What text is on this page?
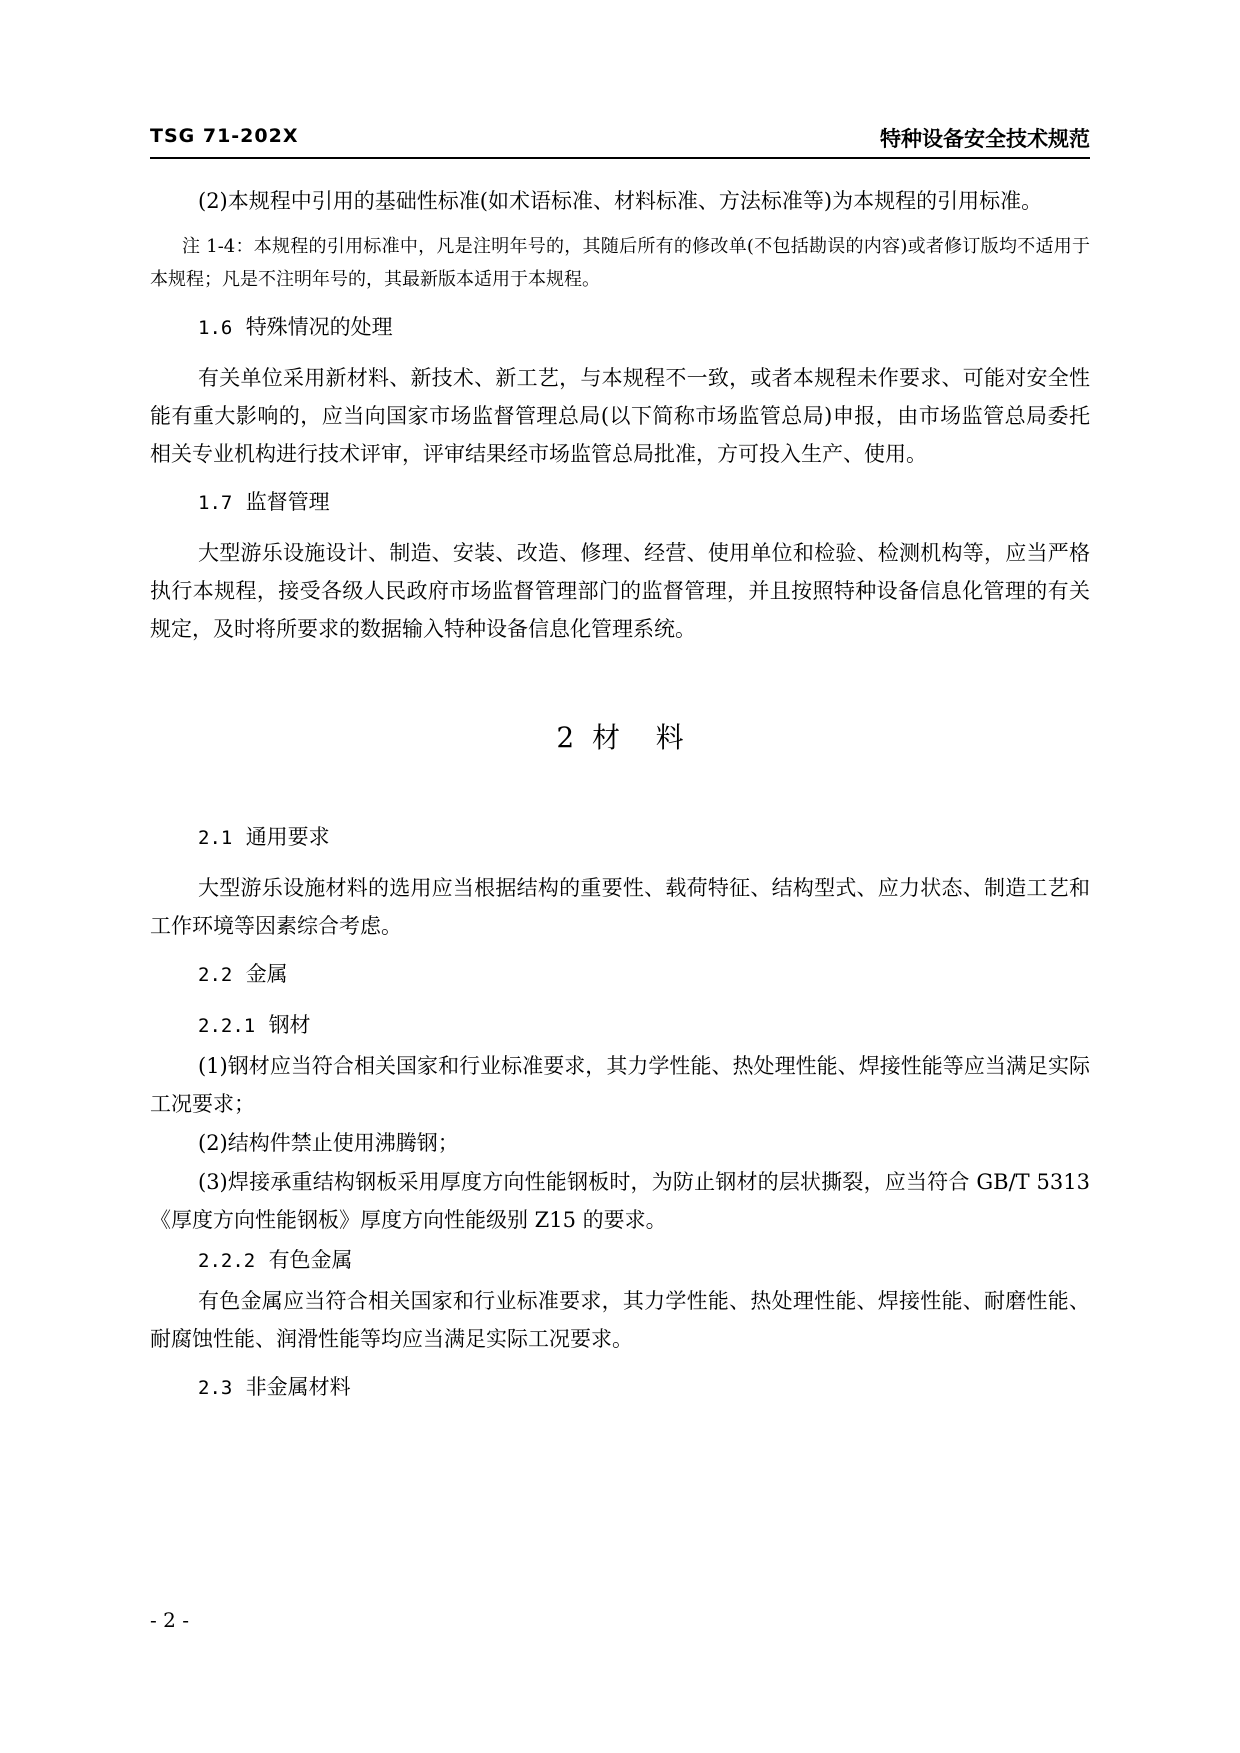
TSG 71-202X	特种设备安全技术规范

(2)本规程中引用的基础性标准(如术语标准、材料标准、方法标准等)为本规程的引用标准。

注 1-4：本规程的引用标准中，凡是注明年号的，其随后所有的修改单(不包括勘误的内容)或者修订版均不适用于本规程；凡是不注明年号的，其最新版本适用于本规程。

1.6 特殊情况的处理

有关单位采用新材料、新技术、新工艺，与本规程不一致，或者本规程未作要求、可能对安全性能有重大影响的，应当向国家市场监督管理总局(以下简称市场监管总局)申报，由市场监管总局委托相关专业机构进行技术评审，评审结果经市场监管总局批准，方可投入生产、使用。

1.7 监督管理

大型游乐设施设计、制造、安装、改造、修理、经营、使用单位和检验、检测机构等，应当严格执行本规程，接受各级人民政府市场监督管理部门的监督管理，并且按照特种设备信息化管理的有关规定，及时将所要求的数据输入特种设备信息化管理系统。

2  材    料
2.1 通用要求

大型游乐设施材料的选用应当根据结构的重要性、载荷特征、结构型式、应力状态、制造工艺和工作环境等因素综合考虑。

2.2 金属
2.2.1 钢材

(1)钢材应当符合相关国家和行业标准要求，其力学性能、热处理性能、焊接性能等应当满足实际工况要求；

(2)结构件禁止使用沸腾钢；

(3)焊接承重结构钢板采用厚度方向性能钢板时，为防止钢材的层状撕裂，应当符合 GB/T 5313《厚度方向性能钢板》厚度方向性能级别 Z15 的要求。

2.2.2 有色金属

有色金属应当符合相关国家和行业标准要求，其力学性能、热处理性能、焊接性能、耐磨性能、耐腐蚀性能、润滑性能等均应当满足实际工况要求。

2.3 非金属材料
- 2 -
